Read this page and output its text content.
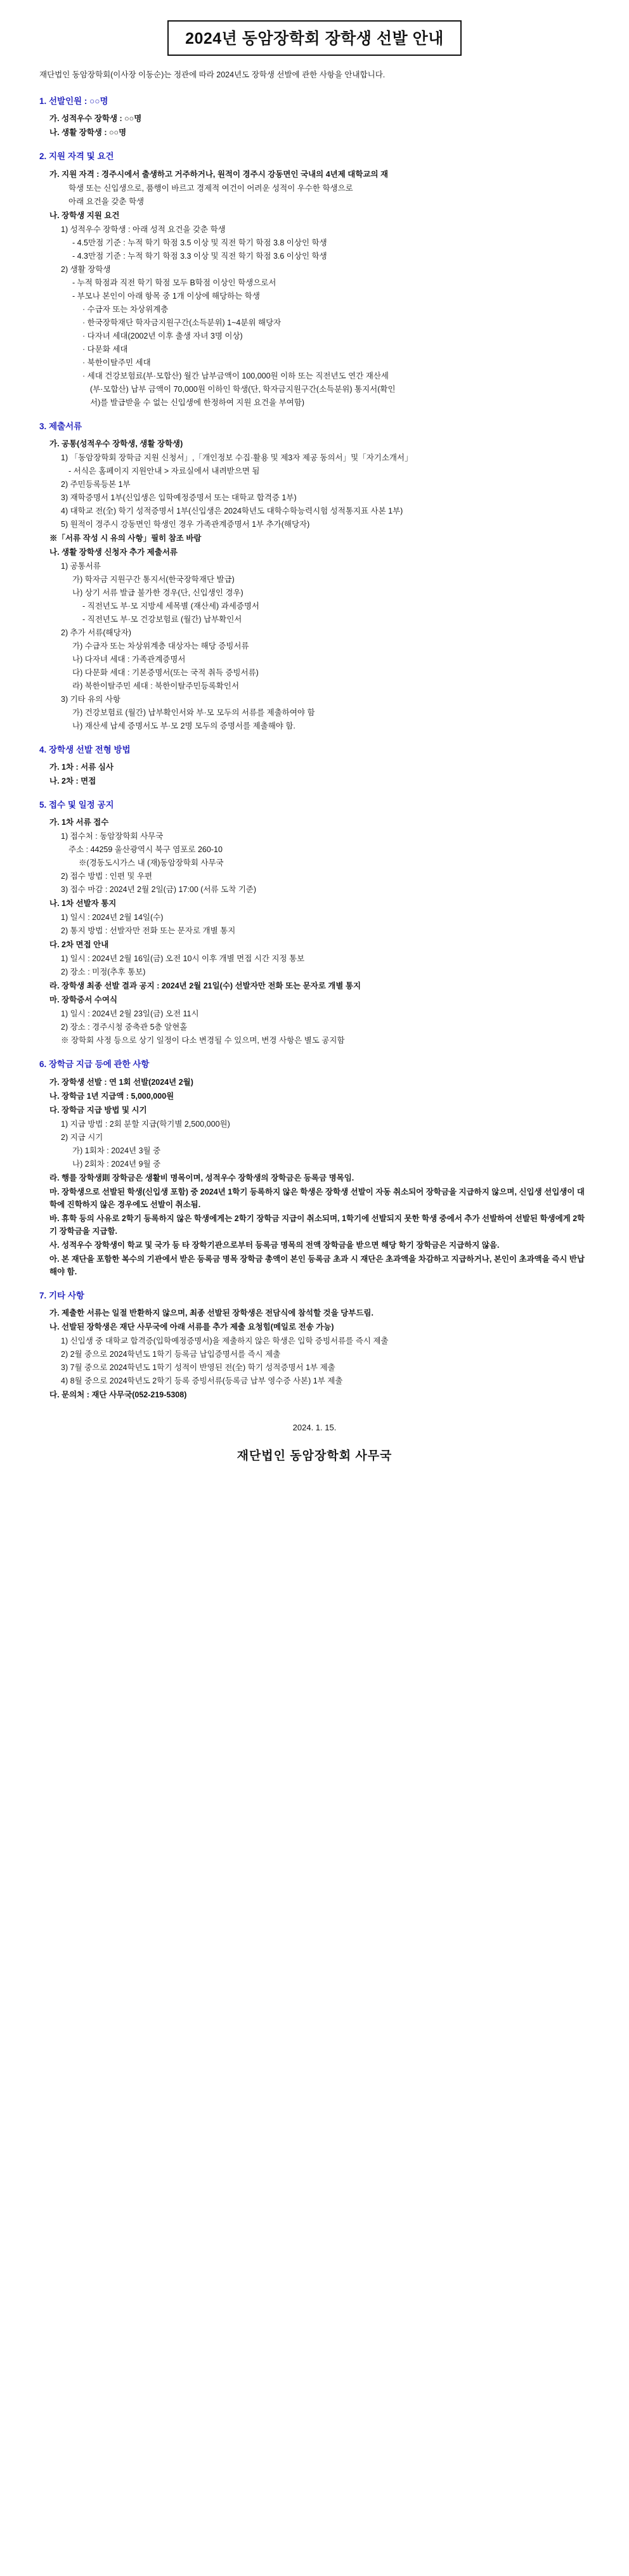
2024년 동암장학회 장학생 선발 안내
재단법인 동암장학회(이사장 이동순)는 정관에 따라 2024년도 장학생 선발에 관한 사항을 안내합니다.
1. 선발인원 : ○○명
가. 성적우수 장학생 : ○○명
나. 생활 장학생 : ○○명
2. 지원 자격 및 요건
가. 지원 자격 : 경주시에서 출생하고 거주하거나, 원적이 경주시 강동면인 국내의 4년제 대학교의 재
학생 또는 신입생으로, 품행이 바르고 경제적 여건이 어려운 성적이 우수한 학생으로
아래 요건을 갖춘 학생
나. 장학생 지원 요건
1) 성적우수 장학생 : 아래 성적 요건을 갖춘 학생
- 4.5만점 기준 : 누적 학기 학점 3.5 이상 및 직전 학기 학점 3.8 이상인 학생
- 4.3만점 기준 : 누적 학기 학점 3.3 이상 및 직전 학기 학점 3.6 이상인 학생
2) 생활 장학생
- 누적 학점과 직전 학기 학점 모두 B학점 이상인 학생으로서
- 부모나 본인이 아래 항목 중 1개 이상에 해당하는 학생
· 수급자 또는 차상위계층
· 한국장학재단 학자금지원구간(소득분위) 1~4분위 해당자
· 다자녀 세대(2002년 이후 출생 자녀 3명 이상)
· 다문화 세대
· 북한이탈주민 세대
· 세대 건강보험료(부·모합산) 월간 납부금액이 100,000원 이하 또는 직전년도 연간 재산세
(부·모합산) 납부 금액이 70,000원 이하인 학생(단, 학자금지원구간(소득분위) 통지서(확인
서)를 발급받을 수 없는 신입생에 한정하여 지원 요건을 부여함)
3. 제출서류
가. 공통(성적우수 장학생, 생활 장학생)
1) 「동암장학회 장학금 지원 신청서」,「개인정보 수집·활용 및 제3자 제공 동의서」및「자기소개서」
- 서식은 홈페이지 지원안내 > 자료실에서 내려받으면 됨
2) 주민등록등본 1부
3) 재학증명서 1부(신입생은 입학예정증명서 또는 대학교 합격증 1부)
4) 대학교 전(全) 학기 성적증명서 1부(신입생은 2024학년도 대학수학능력시험 성적통지표 사본 1부)
5) 원적이 경주시 강동면인 학생인 경우 가족관계증명서 1부 추가(해당자)
※「서류 작성 시 유의 사항」필히 참조 바람
나. 생활 장학생 신청자 추가 제출서류
1) 공통서류
가) 학자금 지원구간 통지서(한국장학재단 발급)
나) 상기 서류 발급 불가한 경우(단, 신입생인 경우)
- 직전년도 부·모 지방세 세목별 (재산세) 과세증명서
- 직전년도 부·모 건강보험료 (월간) 납부확인서
2) 추가 서류(해당자)
가) 수급자 또는 차상위계층 대상자는 해당 증빙서류
나) 다자녀 세대 : 가족관계증명서
다) 다문화 세대 : 기본증명서(또는 국적 취득 증빙서류)
라) 북한이탈주민 세대 : 북한이탈주민등록확인서
3) 기타 유의 사항
가) 건강보험료 (월간) 납부확인서와 부·모 모두의 서류를 제출하여야 함
나) 재산세 납세 증명서도 부·모 2명 모두의 증명서를 제출해야 함.
4. 장학생 선발 전형 방법
가. 1차 : 서류 심사
나. 2차 : 면접
5. 접수 및 일정 공지
가. 1차 서류 접수
1) 접수처 : 동암장학회 사무국
주소 : 44259 울산광역시 북구 염포로 260-10
※(경동도시가스 내 (재)동암장학회 사무국
2) 접수 방법 : 인편 및 우편
3) 접수 마감 : 2024년 2월 2일(금) 17:00 (서류 도착 기준)
나. 1차 선발자 통지
1) 일시 : 2024년 2월 14일(수)
2) 통지 방법 : 선발자만 전화 또는 문자로 개별 통지
다. 2차 면접 안내
1) 일시 : 2024년 2월 16일(금) 오전 10시 이후 개별 면접 시간 지정 통보
2) 장소 : 미정(추후 통보)
라. 장학생 최종 선발 결과 공지 : 2024년 2월 21일(수) 선발자만 전화 또는 문자로 개별 통지
마. 장학증서 수여식
1) 일시 : 2024년 2월 23일(금) 오전 11시
2) 장소 : 경주시청 중축관 5층 알현홀
※ 장학회 사정 등으로 상기 일정이 다소 변경될 수 있으며, 변경 사항은 별도 공지함
6. 장학금 지급 등에 관한 사항
가. 장학생 선발 : 연 1회 선발(2024년 2월)
나. 장학금 1년 지급액 : 5,000,000원
다. 장학금 지급 방법 및 시기
1) 지급 방법 : 2회 분할 지급(학기별 2,500,000원)
2) 지급 시기
가) 1회차 : 2024년 3월 중
나) 2회차 : 2024년 9월 중
라. 행를 장학생則 장학금은 생활비 명목이며, 성적우수 장학생의 장학금은 등록금 명목임.
마. 장학생으로 선발된 학생(신입생 포함) 중 2024년 1학기 등록하지 않은 학생은 장학생 선발이 자동 취소되어 장학금을 지급하지 않으며, 신입생 선입생이 대학에 진학하지 않은 경우에도 선발이 취소됨.
바. 휴학 등의 사유로 2학기 등록하지 않은 학생에게는 2학기 장학금 지급이 취소되며, 1학기에 선발되지 못한 학생 중에서 추가 선발하여 선발된 학생에게 2학기 장학금을 지급함.
사. 성적우수 장학생이 학교 및 국가 등 타 장학기관으로부터 등록금 명목의 전액 장학금을 받으면 해당 학기 장학금은 지급하지 않음.
아. 본 재단을 포함한 복수의 기관에서 받은 등록금 명목 장학금 총액이 본인 등록금 초과 시 재단은 초과액을 차감하고 지급하거나, 본인이 초과액을 즉시 반납해야 함.
7. 기타 사항
가. 제출한 서류는 일절 반환하지 않으며, 최종 선발된 장학생은 전담식에 참석할 것을 당부드림.
나. 선발된 장학생은 재단 사무국에 아래 서류를 추가 제출 요청힘(메일로 전송 가능)
1) 신입생 중 대학교 합격증(입학예정증명서)을 제출하지 않은 학생은 입학 증빙서류를 즉시 제출
2) 2월 중으로 2024학년도 1학기 등록금 납입증명서를 즉시 제출
3) 7월 중으로 2024학년도 1학기 성적이 반영된 전(全) 학기 성적증명서 1부 제출
4) 8월 중으로 2024학년도 2학기 등록 증빙서류(등록금 납부 영수증 사본) 1부 제출
다. 문의처 : 재단 사무국(052-219-5308)
2024. 1. 15.
재단법인 동암장학회 사무국
